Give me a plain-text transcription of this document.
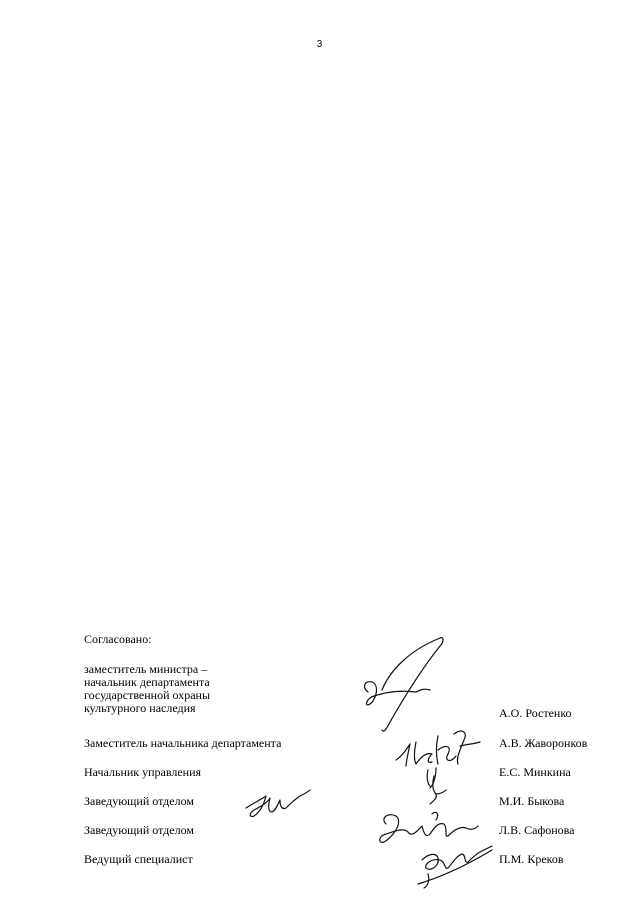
3
Согласовано:
заместитель министра –
начальник департамента
государственной охраны
культурного наследия	А.О. Ростенко
Заместитель начальника департамента	А.В. Жаворонков
Начальник управления	Е.С. Минкина
Заведующий отделом	М.И. Быкова
Заведующий отделом	Л.В. Сафонова
Ведущий специалист	П.М. Креков
